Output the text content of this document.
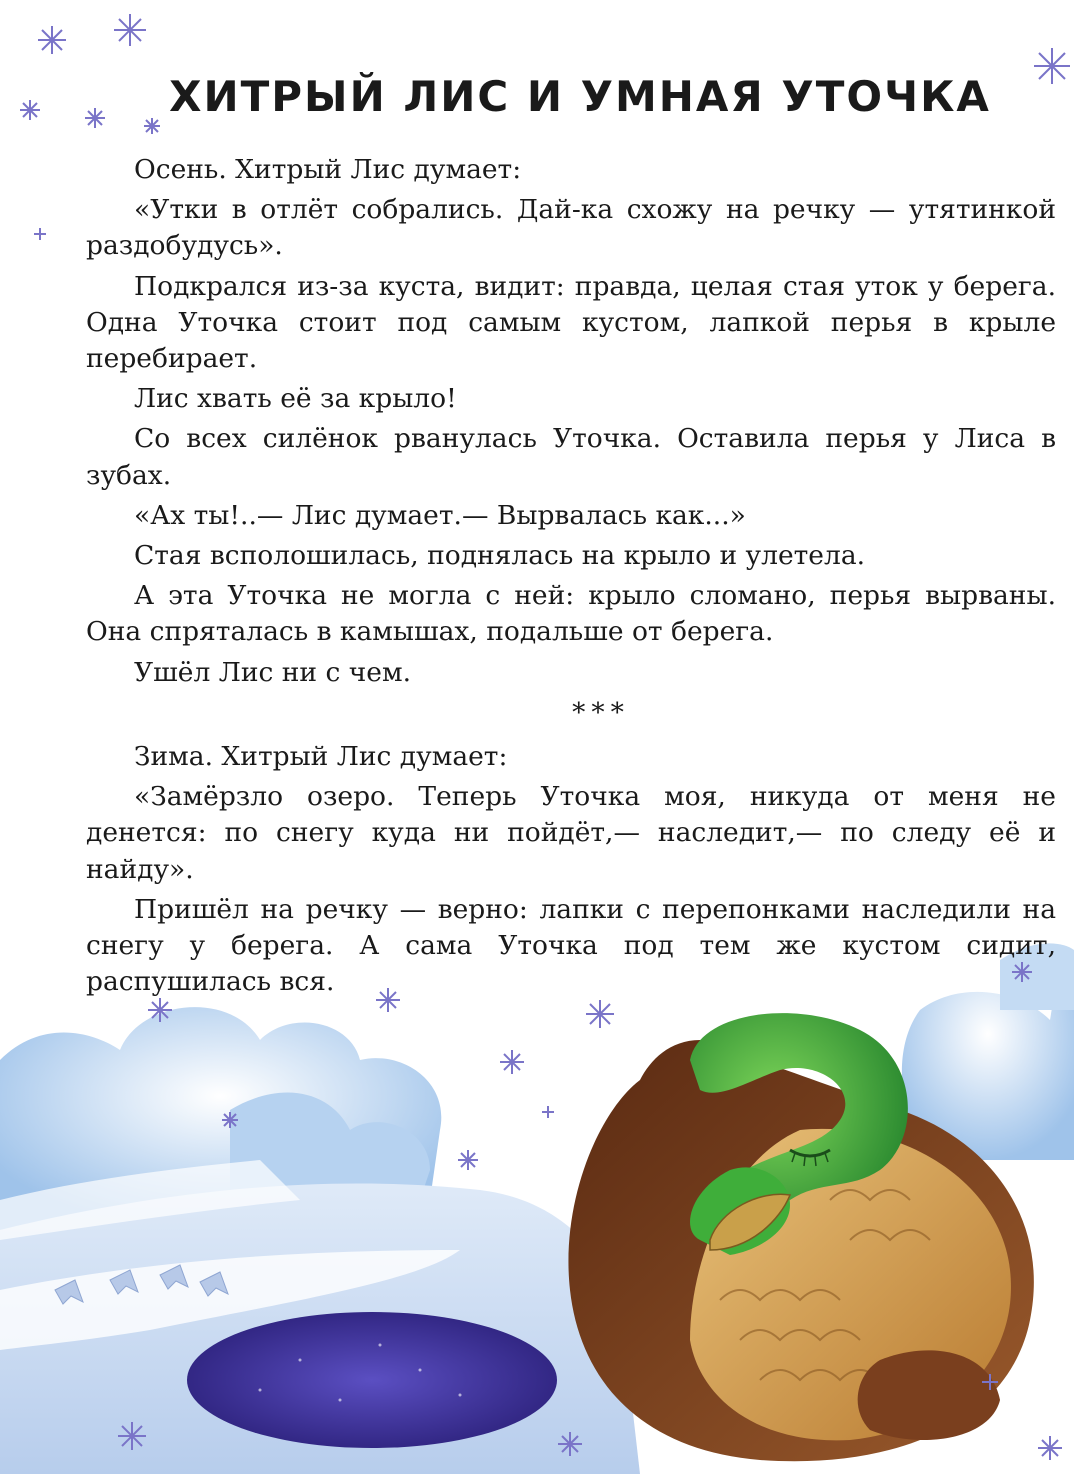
ХИТРЫЙ ЛИС И УМНАЯ УТОЧКА

Осень. Хитрый Лис думает:

«Утки в отлёт собрались. Дай-ка схожу на речку — утятинкой раздобудусь».

Подкрался из-за куста, видит: правда, целая стая уток у берега. Одна Уточка стоит под самым кустом, лапкой перья в крыле перебирает.

Лис хвать её за крыло!

Со всех силёнок рванулась Уточка. Оставила перья у Лиса в зубах.

«Ах ты!..— Лис думает.— Вырвалась как...»

Стая всполошилась, поднялась на крыло и улетела.

А эта Уточка не могла с ней: крыло сломано, перья вырваны. Она спряталась в камышах, подальше от берега.

Ушёл Лис ни с чем.

***

Зима. Хитрый Лис думает:

«Замёрзло озеро. Теперь Уточка моя, никуда от меня не денется: по снегу куда ни пойдёт,— наследит,— по следу её и найду».

Пришёл на речку — верно: лапки с перепонками наследили на снегу у берега. А сама Уточка под тем же кустом сидит, распушилась вся.
